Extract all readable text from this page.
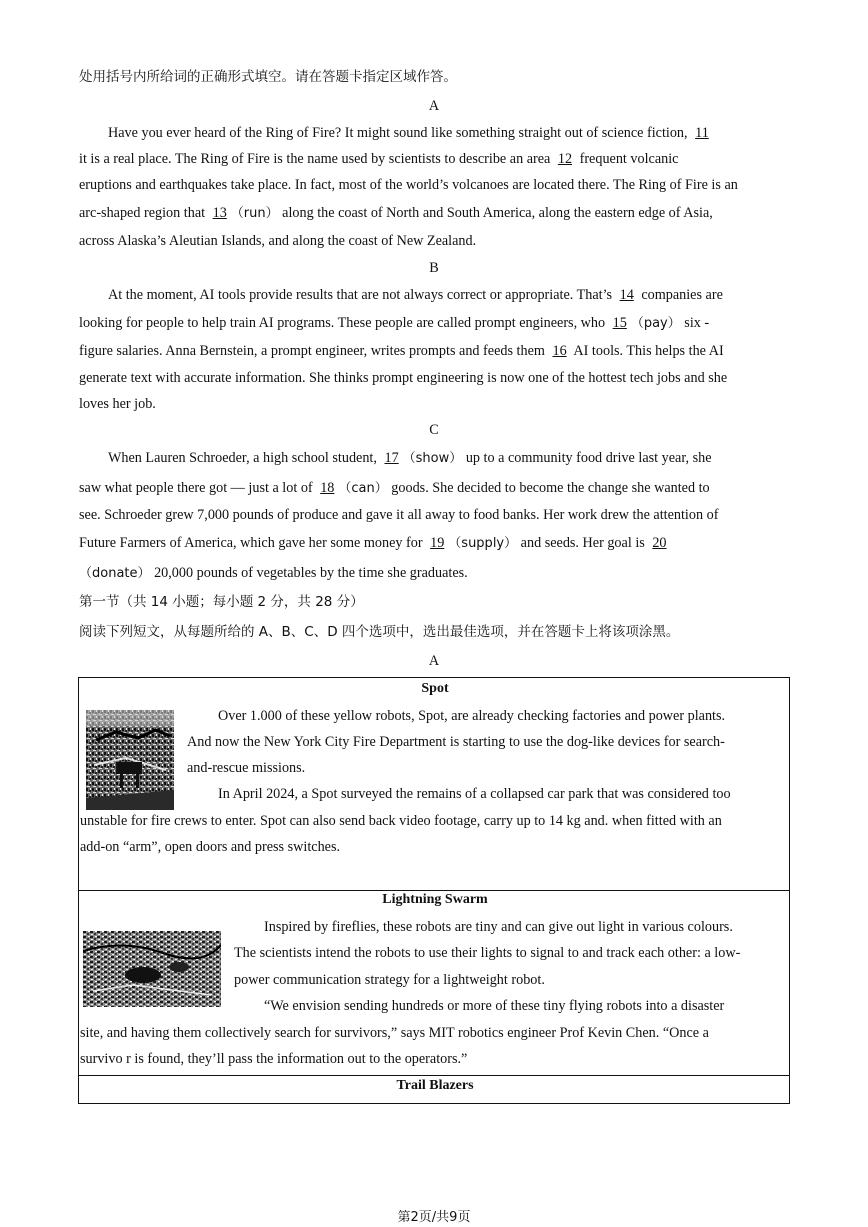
处用括号内所给词的正确形式填空。请在答题卡指定区域作答。
A
Have you ever heard of the Ring of Fire? It might sound like something straight out of science fiction, 11
it is a real place. The Ring of Fire is the name used by scientists to describe an area 12 frequent volcanic
eruptions and earthquakes take place. In fact, most of the world’s volcanoes are located there. The Ring of Fire is an
arc-shaped region that 13 （run） along the coast of North and South America, along the eastern edge of Asia,
across Alaska’s Aleutian Islands, and along the coast of New Zealand.
B
At the moment, AI tools provide results that are not always correct or appropriate. That’s 14 companies are
looking for people to help train AI programs. These people are called prompt engineers, who 15 （pay） six -
figure salaries. Anna Bernstein, a prompt engineer, writes prompts and feeds them 16 AI tools. This helps the AI
generate text with accurate information. She thinks prompt engineering is now one of the hottest tech jobs and she
loves her job.
C
When Lauren Schroeder, a high school student, 17 （show） up to a community food drive last year, she
saw what people there got — just a lot of 18 （can） goods. She decided to become the change she wanted to
see. Schroeder grew 7,000 pounds of produce and gave it all away to food banks. Her work drew the attention of
Future Farmers of America, which gave her some money for 19 （supply） and seeds. Her goal is 20
（donate） 20,000 pounds of vegetables by the time she graduates.
第一节（共 14 小题；每小题 2 分，共 28 分）
阅读下列短文，从每题所给的 A、B、C、D 四个选项中，选出最佳选项，并在答题卡上将该项涂黑。
A
Spot
Over 1.000 of these yellow robots, Spot, are already checking factories and power plants.
And now the New York City Fire Department is starting to use the dog-like devices for search-
and-rescue missions.
In April 2024, a Spot surveyed the remains of a collapsed car park that was considered too
unstable for fire crews to enter. Spot can also send back video footage, carry up to 14 kg and. when fitted with an
add-on “arm”, open doors and press switches.
Lightning Swarm
Inspired by fireflies, these robots are tiny and can give out light in various colours.
The scientists intend the robots to use their lights to signal to and track each other: a low-
power communication strategy for a lightweight robot.
“We envision sending hundreds or more of these tiny flying robots into a disaster
site, and having them collectively search for survivors,” says MIT robotics engineer Prof Kevin Chen. “Once a
survivo r is found, they’ll pass the information out to the operators.”
Trail Blazers
第2页/共9页
